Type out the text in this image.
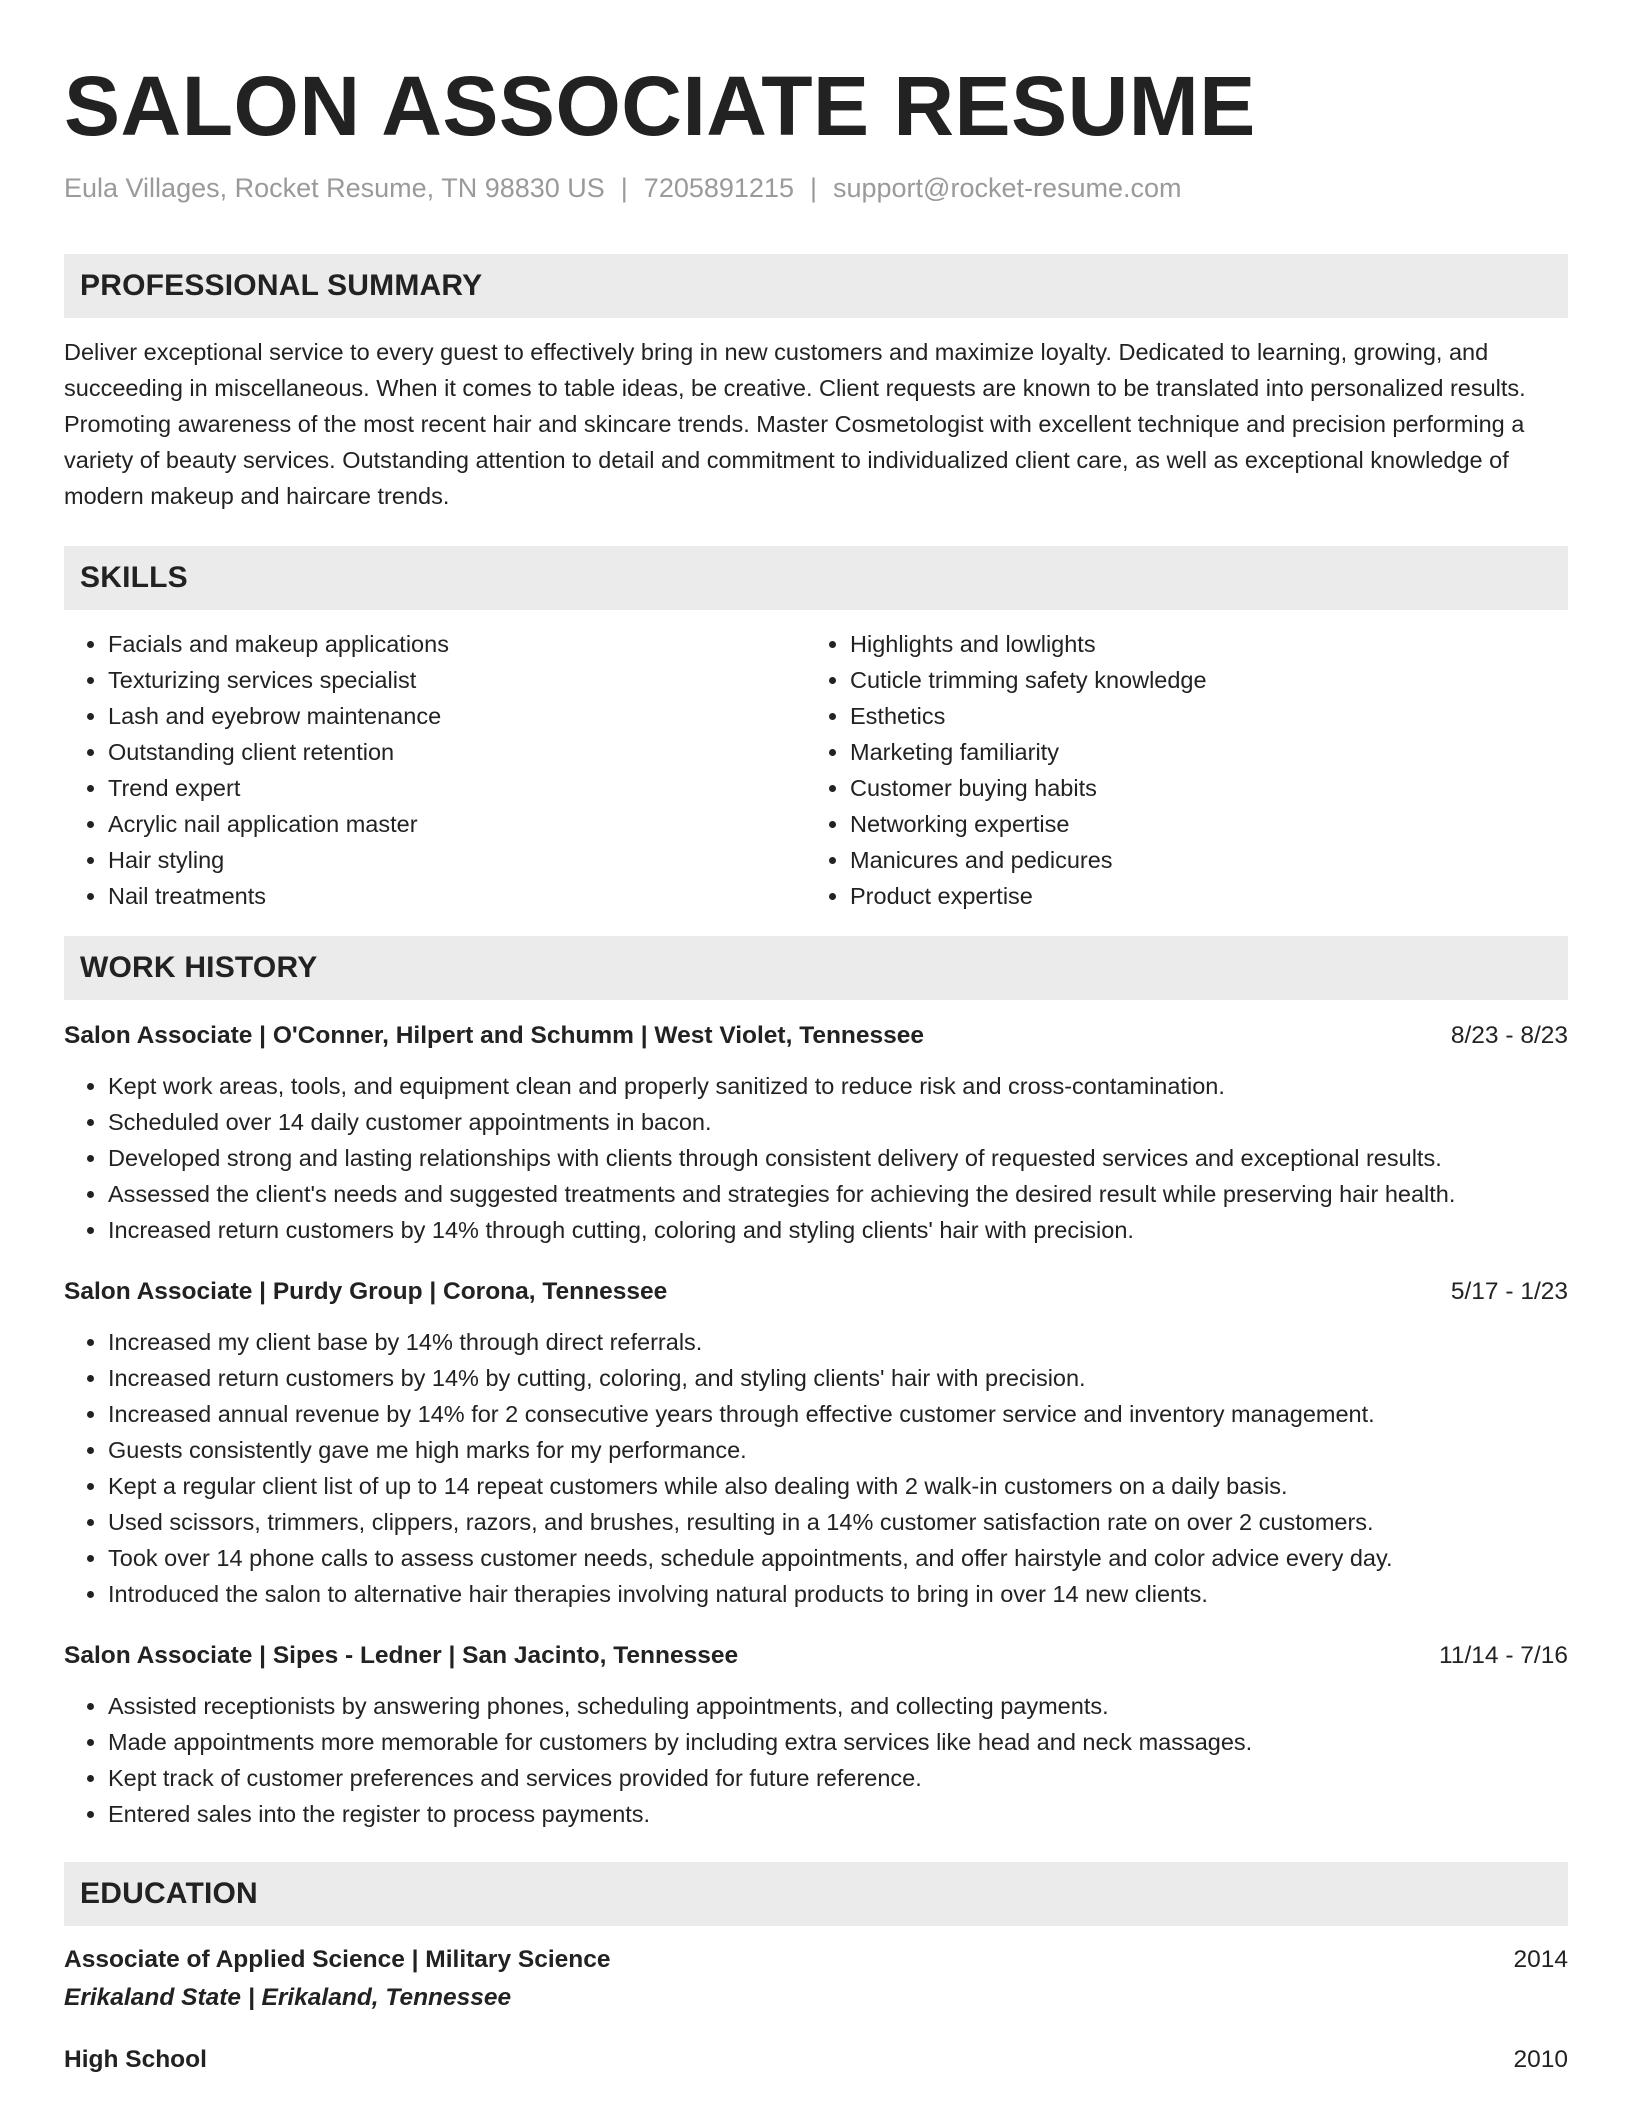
SALON ASSOCIATE RESUME
Eula Villages, Rocket Resume, TN 98830 US | 7205891215 | support@rocket-resume.com
PROFESSIONAL SUMMARY
Deliver exceptional service to every guest to effectively bring in new customers and maximize loyalty. Dedicated to learning, growing, and succeeding in miscellaneous. When it comes to table ideas, be creative. Client requests are known to be translated into personalized results. Promoting awareness of the most recent hair and skincare trends. Master Cosmetologist with excellent technique and precision performing a variety of beauty services. Outstanding attention to detail and commitment to individualized client care, as well as exceptional knowledge of modern makeup and haircare trends.
SKILLS
• Facials and makeup applications
• Texturizing services specialist
• Lash and eyebrow maintenance
• Outstanding client retention
• Trend expert
• Acrylic nail application master
• Hair styling
• Nail treatments
• Highlights and lowlights
• Cuticle trimming safety knowledge
• Esthetics
• Marketing familiarity
• Customer buying habits
• Networking expertise
• Manicures and pedicures
• Product expertise
WORK HISTORY
Salon Associate | O'Conner, Hilpert and Schumm | West Violet, Tennessee	8/23 - 8/23
• Kept work areas, tools, and equipment clean and properly sanitized to reduce risk and cross-contamination.
• Scheduled over 14 daily customer appointments in bacon.
• Developed strong and lasting relationships with clients through consistent delivery of requested services and exceptional results.
• Assessed the client's needs and suggested treatments and strategies for achieving the desired result while preserving hair health.
• Increased return customers by 14% through cutting, coloring and styling clients' hair with precision.
Salon Associate | Purdy Group | Corona, Tennessee	5/17 - 1/23
• Increased my client base by 14% through direct referrals.
• Increased return customers by 14% by cutting, coloring, and styling clients' hair with precision.
• Increased annual revenue by 14% for 2 consecutive years through effective customer service and inventory management.
• Guests consistently gave me high marks for my performance.
• Kept a regular client list of up to 14 repeat customers while also dealing with 2 walk-in customers on a daily basis.
• Used scissors, trimmers, clippers, razors, and brushes, resulting in a 14% customer satisfaction rate on over 2 customers.
• Took over 14 phone calls to assess customer needs, schedule appointments, and offer hairstyle and color advice every day.
• Introduced the salon to alternative hair therapies involving natural products to bring in over 14 new clients.
Salon Associate | Sipes - Ledner | San Jacinto, Tennessee	11/14 - 7/16
• Assisted receptionists by answering phones, scheduling appointments, and collecting payments.
• Made appointments more memorable for customers by including extra services like head and neck massages.
• Kept track of customer preferences and services provided for future reference.
• Entered sales into the register to process payments.
EDUCATION
Associate of Applied Science | Military Science	2014
Erikaland State | Erikaland, Tennessee
High School	2010
